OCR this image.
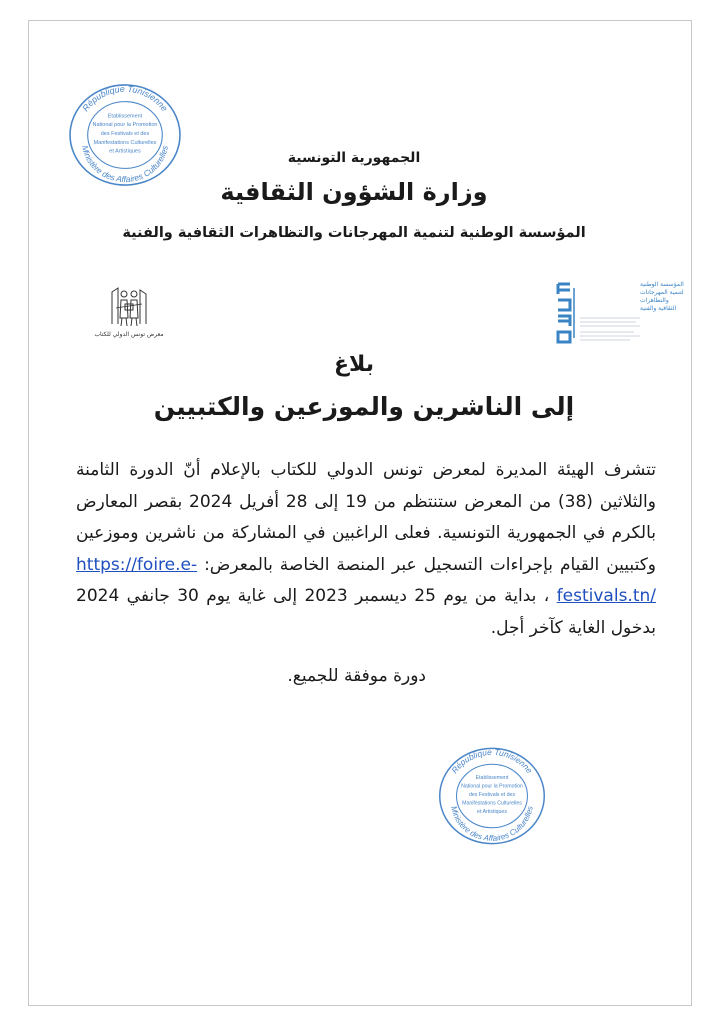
République Tunisienne
Ministère des Affaires Culturelles
Etablissement
National pour la Promotion
des Festivals et des
Manifestations Culturelles
et Artistiques	الجمهورية التونسية
وزارة الشؤون الثقافية
المؤسسة الوطنية لتنمية المهرجانات والتظاهرات الثقافية والفنية
معرض تونس الدولي للكتاب
المؤسسة الوطنية
لتنمية المهرجانات
والتظاهرات
الثقافية والفنية
بلاغ
إلى الناشرين والموزعين والكتبيين

تتشرف الهيئة المديرة لمعرض تونس الدولي للكتاب بالإعلام أنّ الدورة الثامنة والثلاثين (38) من المعرض ستنتظم من 19 إلى 28 أفريل 2024 بقصر المعارض بالكرم في الجمهورية التونسية. فعلى الراغبين في المشاركة من ناشرين وموزعين وكتبيين القيام بإجراءات التسجيل عبر المنصة الخاصة بالمعرض: https://foire.e-festivals.tn/ ، بداية من يوم 25 ديسمبر 2023 إلى غاية يوم 30 جانفي 2024 بدخول الغاية كآخر أجل.

دورة موفقة للجميع.
République Tunisienne
Ministère des Affaires Culturelles
Etablissement
National pour la Promotion
des Festivals et des
Manifestations Culturelles
et Artistiques
